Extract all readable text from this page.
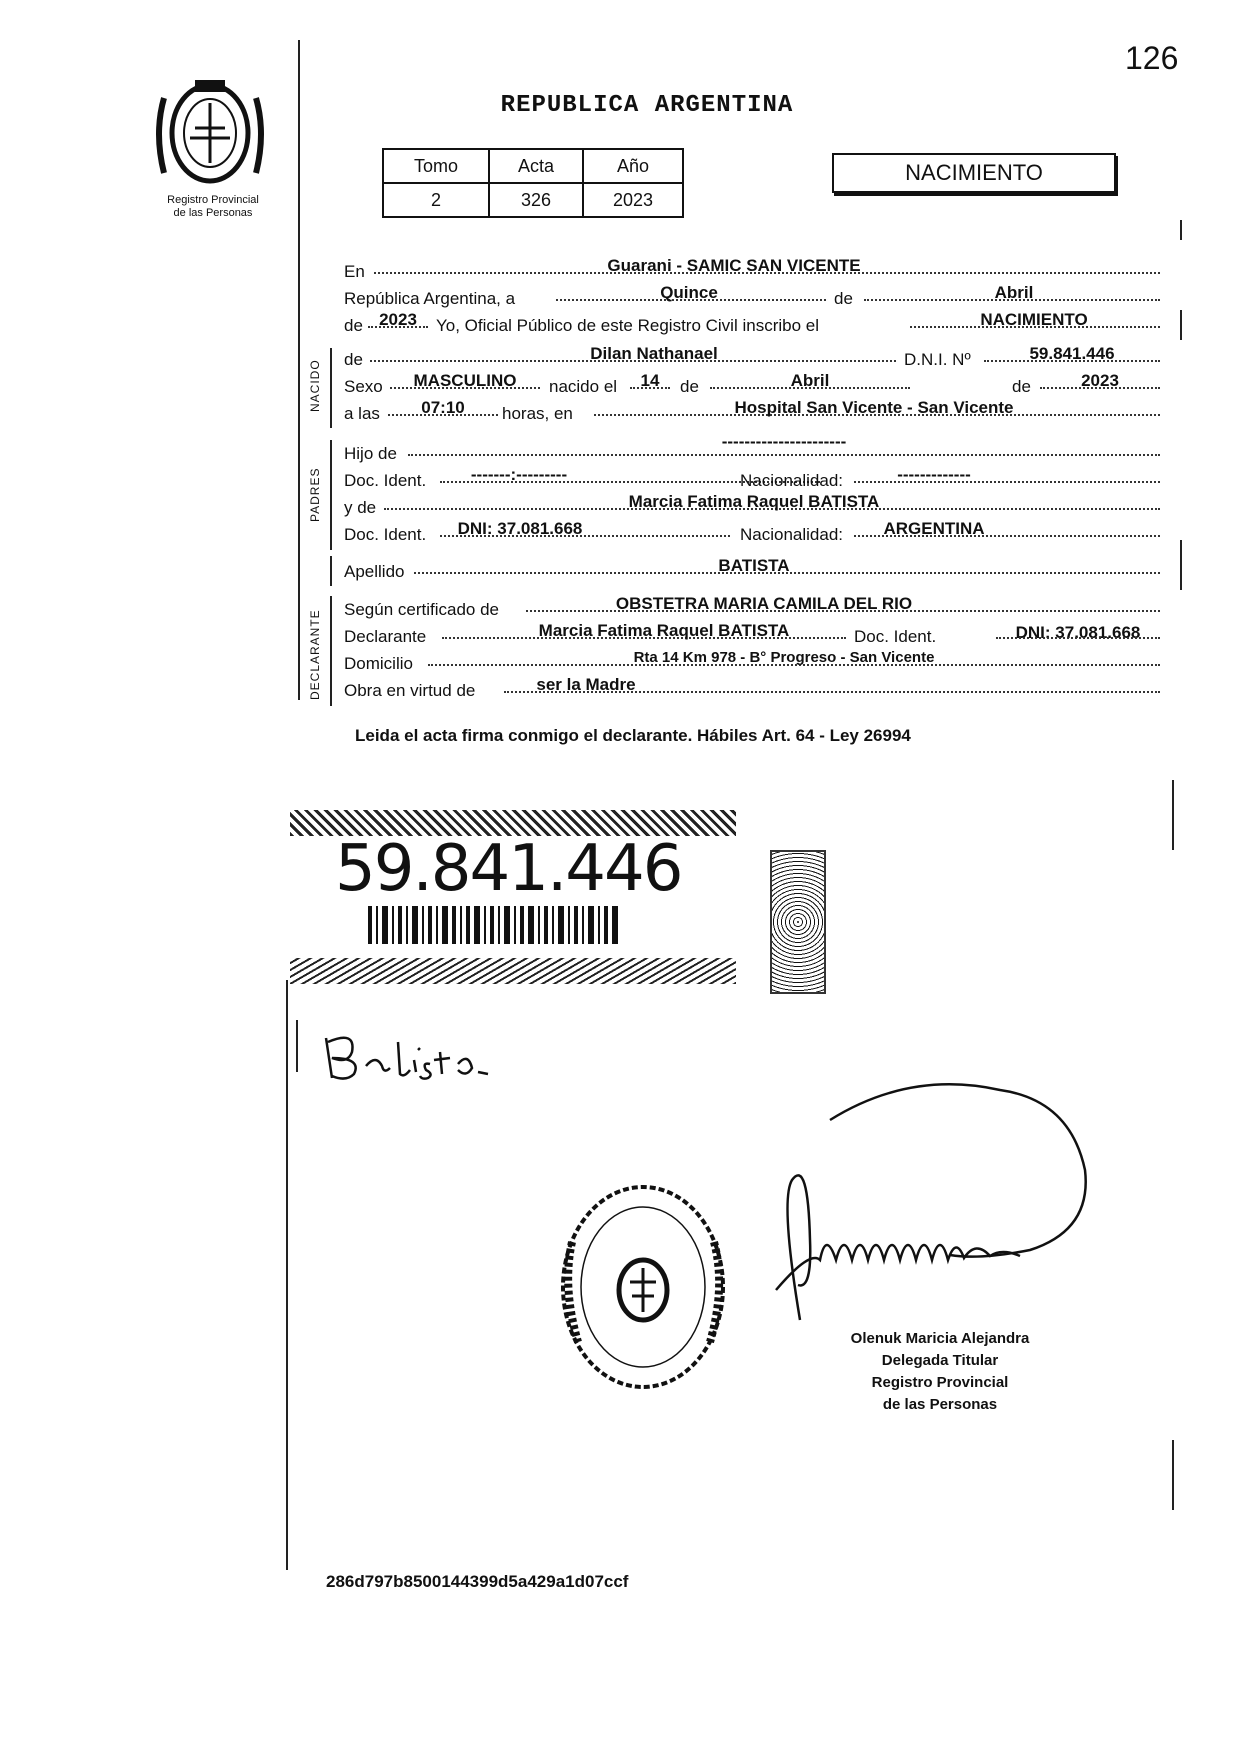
126
Registro Provincial
de las Personas
REPUBLICA ARGENTINA
Tomo	Acta	Año
2	326	2023
NACIMIENTO
En	Guarani - SAMIC SAN VICENTE
República Argentina, a	Quince	de	Abril
de 2023	Yo, Oficial Público de este Registro Civil inscribo el	NACIMIENTO
NACIDO de	Dilan Nathanael	D.N.I. Nº	59.841.446
Sexo	MASCULINO	nacido el	14	de	Abril	de	2023
a las	07:10	horas, en	Hospital San Vicente - San Vicente
PADRES
Hijo de
----------------------
Doc. Ident.	-------:---------	Nacionalidad:	-------------
y de	Marcia Fatima Raquel BATISTA
Doc. Ident.	DNI: 37.081.668	Nacionalidad:	ARGENTINA
Apellido	BATISTA
DECLARANTE Según certificado de	OBSTETRA MARIA CAMILA DEL RIO
Declarante	Marcia Fatima Raquel BATISTA	Doc. Ident.	DNI: 37.081.668
Domicilio	Rta 14 Km 978 - B° Progreso - San Vicente
Obra en virtud de	ser la Madre
Leida el acta firma conmigo el declarante. Hábiles Art. 64 - Ley 26994
59.841.446
Olenuk Maricia Alejandra
Delegada Titular
Registro Provincial
de las Personas
286d797b8500144399d5a429a1d07ccf
